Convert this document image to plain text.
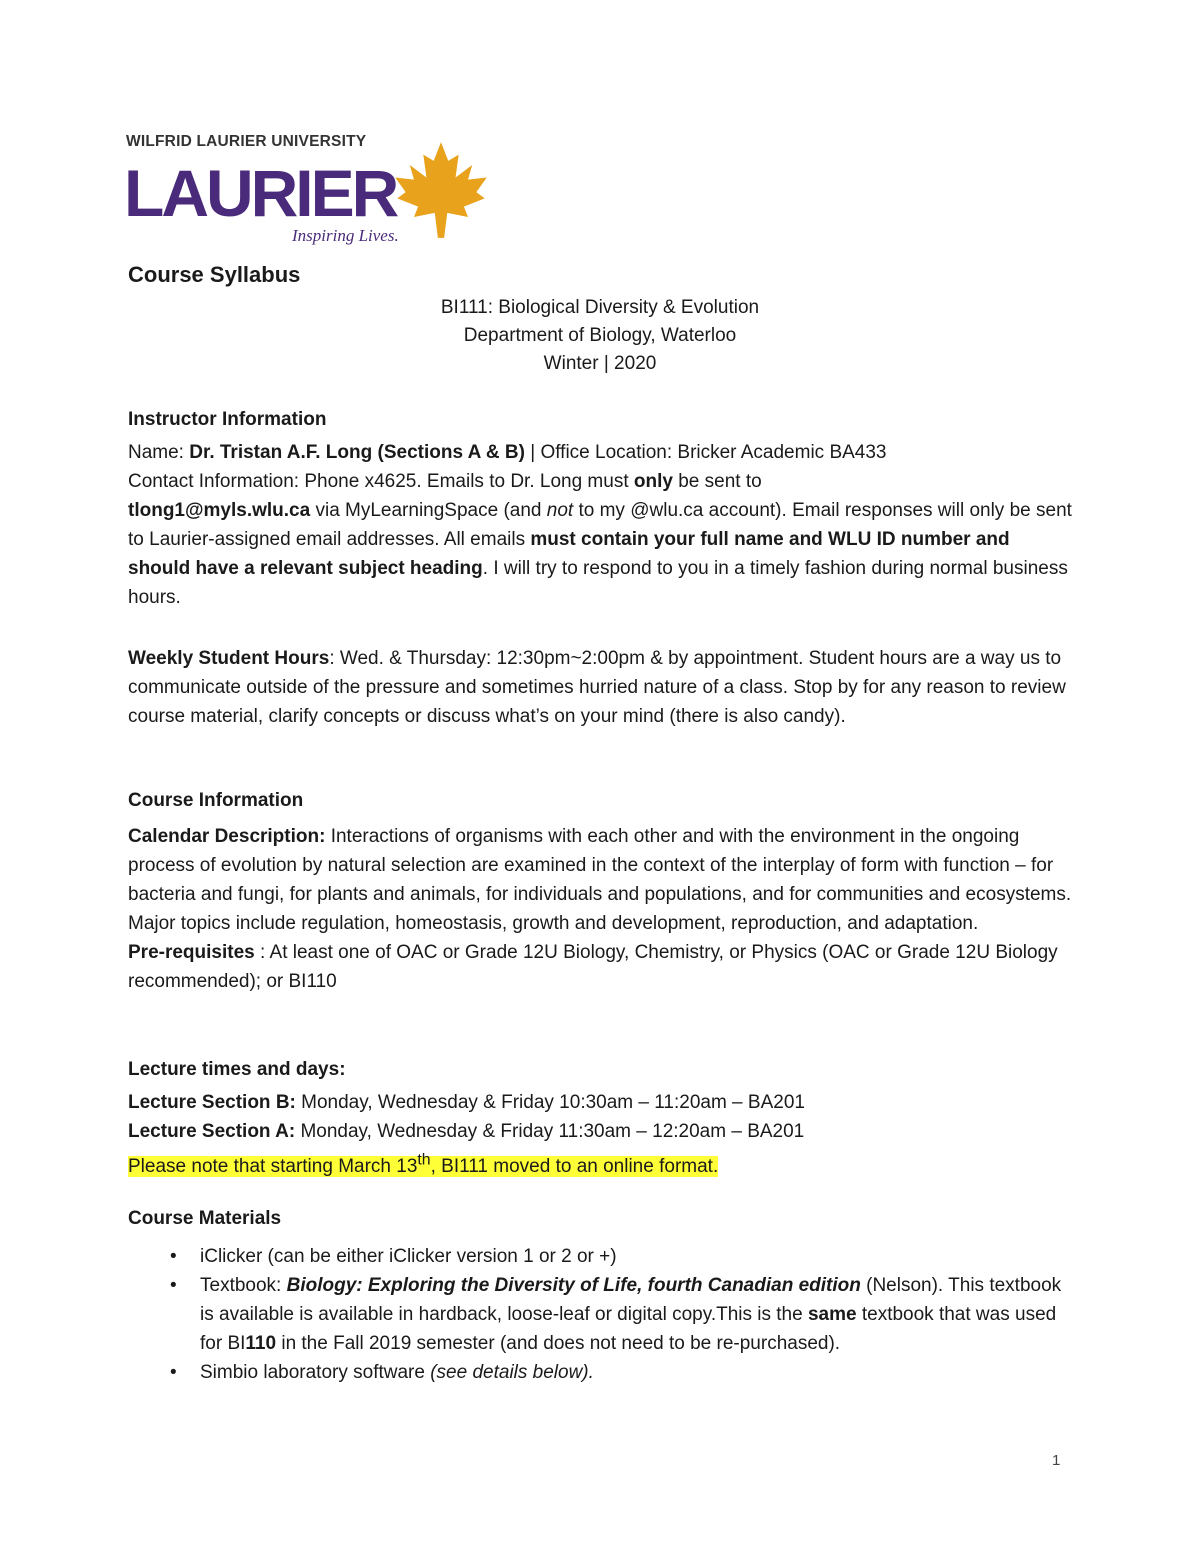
WILFRID LAURIER UNIVERSITY
LAURIER
Inspiring Lives.
Course Syllabus
BI111: Biological Diversity & Evolution
Department of Biology, Waterloo
Winter | 2020
Instructor Information

Name: Dr. Tristan A.F. Long (Sections A & B) | Office Location: Bricker Academic BA433

Contact Information: Phone x4625. Emails to Dr. Long must only be sent to
tlong1@myls.wlu.ca via MyLearningSpace (and not to my @wlu.ca account). Email responses will only be sent to Laurier-assigned email addresses. All emails must contain your full name and WLU ID number and should have a relevant subject heading. I will try to respond to you in a timely fashion during normal business hours.

Weekly Student Hours: Wed. & Thursday: 12:30pm~2:00pm & by appointment. Student hours are a way us to communicate outside of the pressure and sometimes hurried nature of a class. Stop by for any reason to review course material, clarify concepts or discuss what’s on your mind (there is also candy).

Course Information

Calendar Description: Interactions of organisms with each other and with the environment in the ongoing process of evolution by natural selection are examined in the context of the interplay of form with function – for bacteria and fungi, for plants and animals, for individuals and populations, and for communities and ecosystems. Major topics include regulation, homeostasis, growth and development, reproduction, and adaptation.

Pre-requisites : At least one of OAC or Grade 12U Biology, Chemistry, or Physics (OAC or Grade 12U Biology recommended); or BI110

Lecture times and days:

Lecture Section B: Monday, Wednesday & Friday 10:30am – 11:20am – BA201

Lecture Section A: Monday, Wednesday & Friday 11:30am – 12:20am – BA201

Please note that starting March 13th, BI111 moved to an online format.

Course Materials
• iClicker (can be either iClicker version 1 or 2 or +)
• Textbook: Biology: Exploring the Diversity of Life, fourth Canadian edition (Nelson). This textbook is available is available in hardback, loose-leaf or digital copy.This is the same textbook that was used for BI110 in the Fall 2019 semester (and does not need to be re-purchased).
• Simbio laboratory software (see details below).
1
